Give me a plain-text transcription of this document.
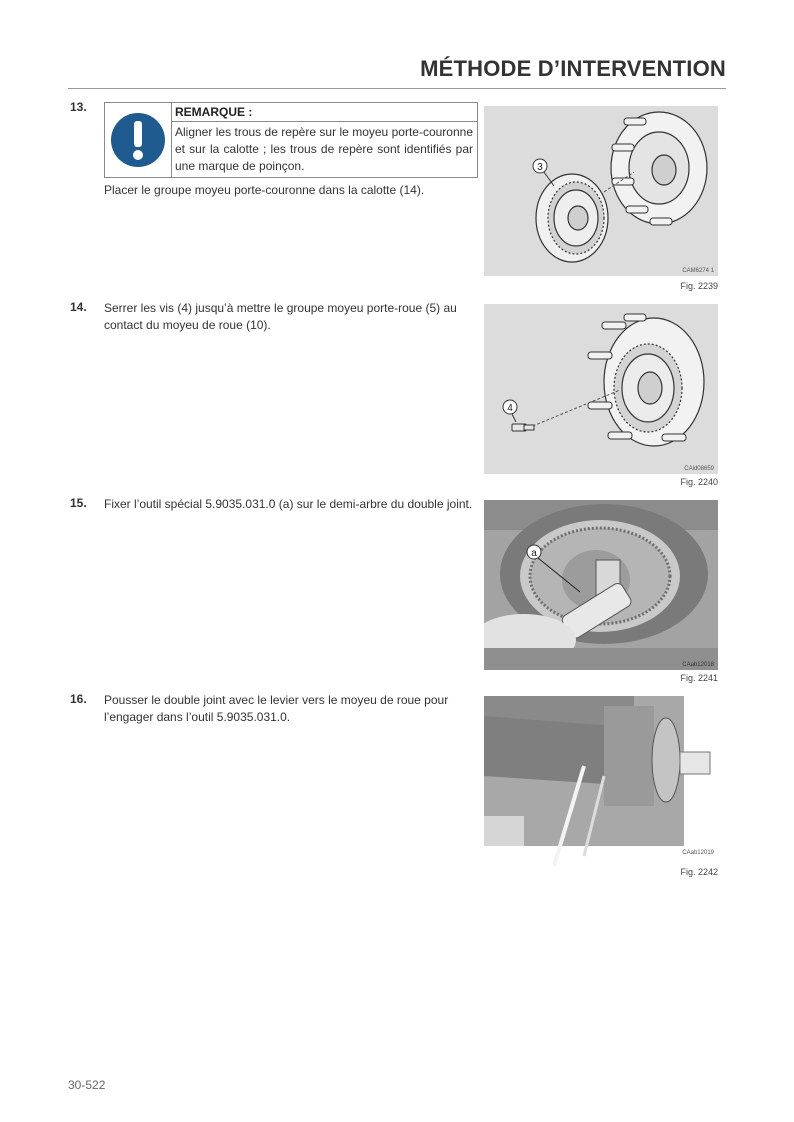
MÉTHODE D’INTERVENTION
13.	REMARQUE :
Aligner les trous de repère sur le moyeu porte-couronne et sur la calotte ; les trous de repère sont identifiés par une marque de poinçon.
Placer le groupe moyeu porte-couronne dans la calotte (14).
3
CAM6274 1
Fig. 2239
14. Serrer les vis (4) jusqu’à mettre le groupe moyeu porte-roue (5) au contact du moyeu de roue (10).
4
CAld08659
Fig. 2240
15. Fixer l’outil spécial 5.9035.031.0 (a) sur le demi-arbre du double joint.
a
CAab12018
Fig. 2241
16. Pousser le double joint avec le levier vers le moyeu de roue pour l’engager dans l’outil 5.9035.031.0.
CAab12019
Fig. 2242
30-522
